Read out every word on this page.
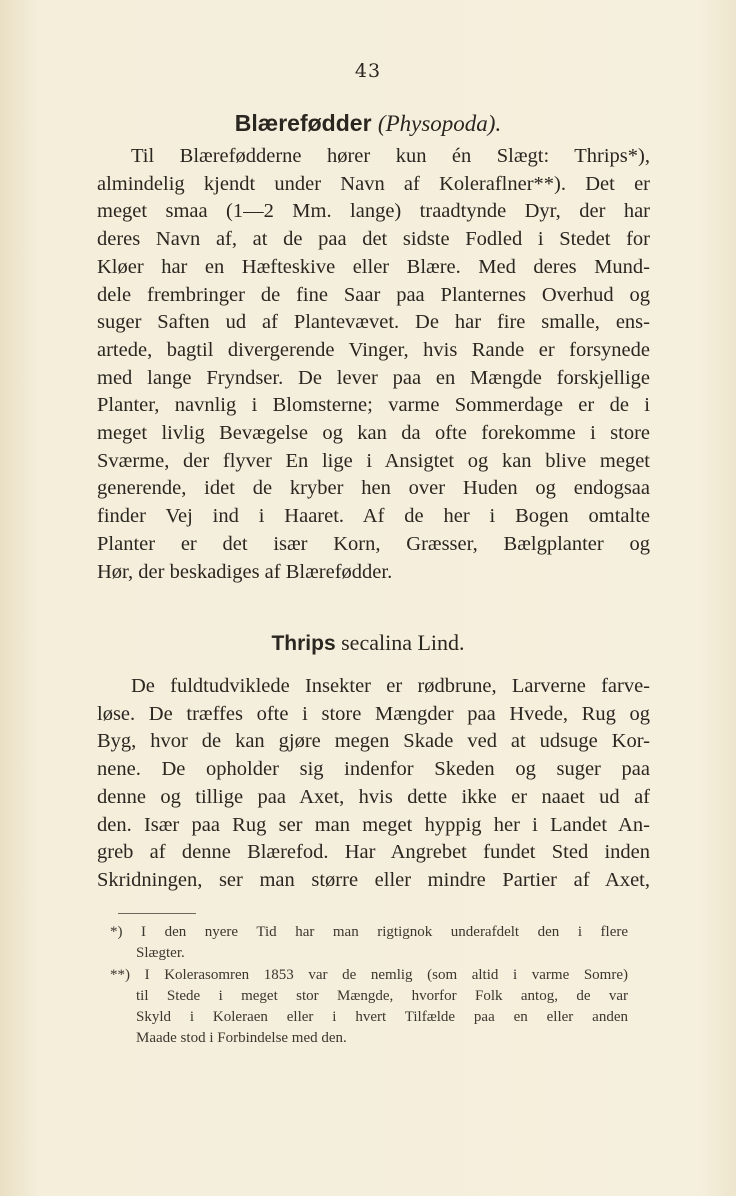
43
Blærefødder (Physopoda).
Til Blærefødderne hører kun én Slægt: Thrips*),
almindelig kjendt under Navn af Koleraflner**). Det er
meget smaa (1—2 Mm. lange) traadtynde Dyr, der har
deres Navn af, at de paa det sidste Fodled i Stedet for
Kløer har en Hæfteskive eller Blære. Med deres Mund-
dele frembringer de fine Saar paa Planternes Overhud og
suger Saften ud af Plantevævet. De har fire smalle, ens-
artede, bagtil divergerende Vinger, hvis Rande er forsynede
med lange Fryndser. De lever paa en Mængde forskjellige
Planter, navnlig i Blomsterne; varme Sommerdage er de i
meget livlig Bevægelse og kan da ofte forekomme i store
Sværme, der flyver En lige i Ansigtet og kan blive meget
generende, idet de kryber hen over Huden og endogsaa
finder Vej ind i Haaret. Af de her i Bogen omtalte
Planter er det især Korn, Græsser, Bælgplanter og
Hør, der beskadiges af Blærefødder.
Thrips secalina Lind.
De fuldtudviklede Insekter er rødbrune, Larverne farve-
løse. De træffes ofte i store Mængder paa Hvede, Rug og
Byg, hvor de kan gjøre megen Skade ved at udsuge Kor-
nene. De opholder sig indenfor Skeden og suger paa
denne og tillige paa Axet, hvis dette ikke er naaet ud af
den. Især paa Rug ser man meget hyppig her i Landet An-
greb af denne Blærefod. Har Angrebet fundet Sted inden
Skridningen, ser man større eller mindre Partier af Axet,
*) I den nyere Tid har man rigtignok underafdelt den i flere
Slægter.
**) I Kolerasomren 1853 var de nemlig (som altid i varme Somre)
til Stede i meget stor Mængde, hvorfor Folk antog, de var
Skyld i Koleraen eller i hvert Tilfælde paa en eller anden
Maade stod i Forbindelse med den.
